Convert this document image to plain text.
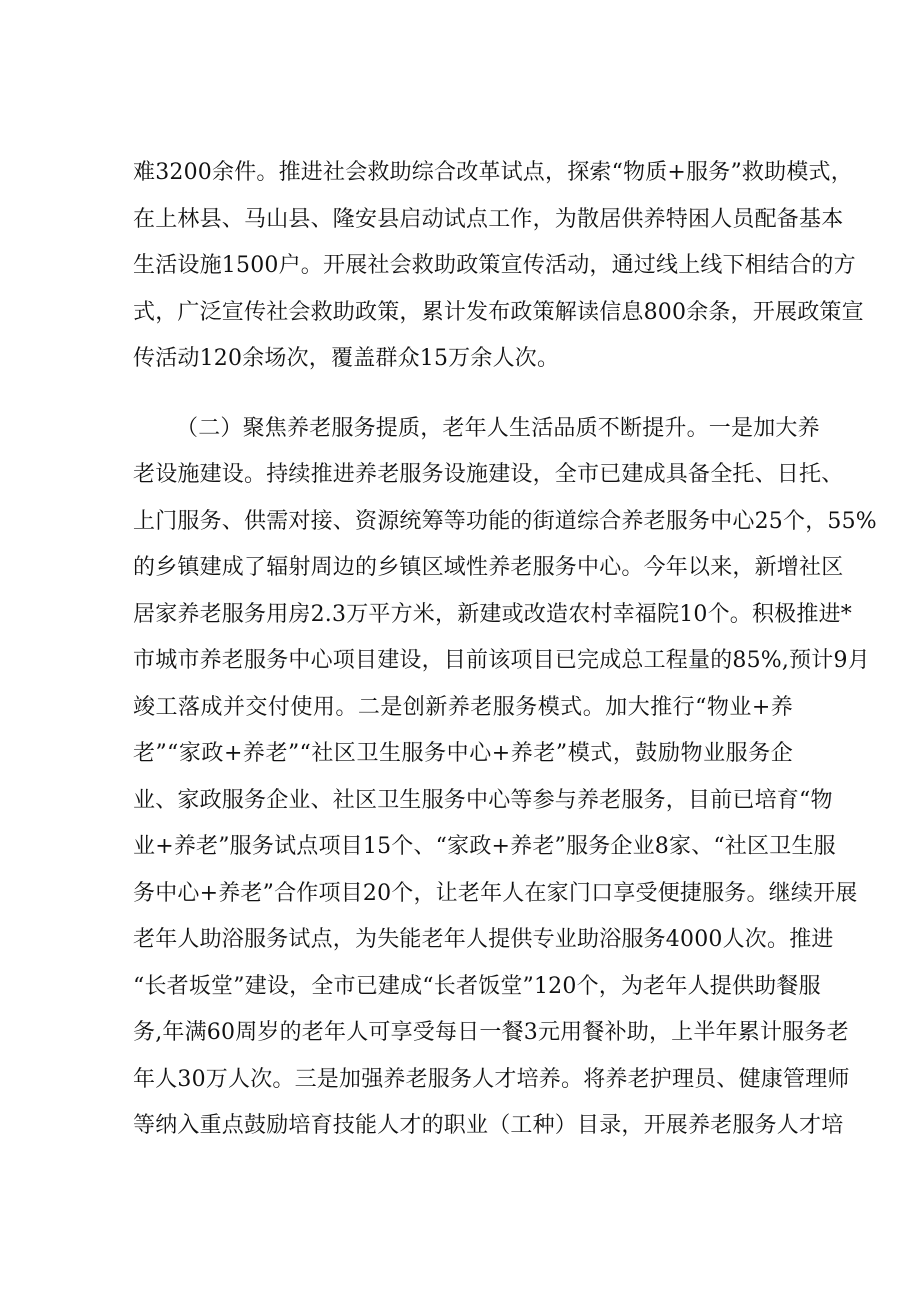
难3200余件。推进社会救助综合改革试点，探索“物质+服务”救助模式，
在上林县、马山县、隆安县启动试点工作，为散居供养特困人员配备基本
生活设施1500户。开展社会救助政策宣传活动，通过线上线下相结合的方
式，广泛宣传社会救助政策，累计发布政策解读信息800余条，开展政策宣
传活动120余场次，覆盖群众15万余人次。
（二）聚焦养老服务提质，老年人生活品质不断提升。一是加大养
老设施建设。持续推进养老服务设施建设，全市已建成具备全托、日托、
上门服务、供需对接、资源统筹等功能的街道综合养老服务中心25个，55%
的乡镇建成了辐射周边的乡镇区域性养老服务中心。今年以来，新增社区
居家养老服务用房2.3万平方米，新建或改造农村幸福院10个。积极推进*
市城市养老服务中心项目建设，目前该项目已完成总工程量的85%,预计9月
竣工落成并交付使用。二是创新养老服务模式。加大推行“物业+养
老”“家政+养老”“社区卫生服务中心+养老”模式，鼓励物业服务企
业、家政服务企业、社区卫生服务中心等参与养老服务，目前已培育“物
业+养老”服务试点项目15个、“家政+养老”服务企业8家、“社区卫生服
务中心+养老”合作项目20个，让老年人在家门口享受便捷服务。继续开展
老年人助浴服务试点，为失能老年人提供专业助浴服务4000人次。推进
“长者坂堂”建设，全市已建成“长者饭堂”120个，为老年人提供助餐服
务,年满60周岁的老年人可享受每日一餐3元用餐补助，上半年累计服务老
年人30万人次。三是加强养老服务人才培养。将养老护理员、健康管理师
等纳入重点鼓励培育技能人才的职业（工种）目录，开展养老服务人才培
